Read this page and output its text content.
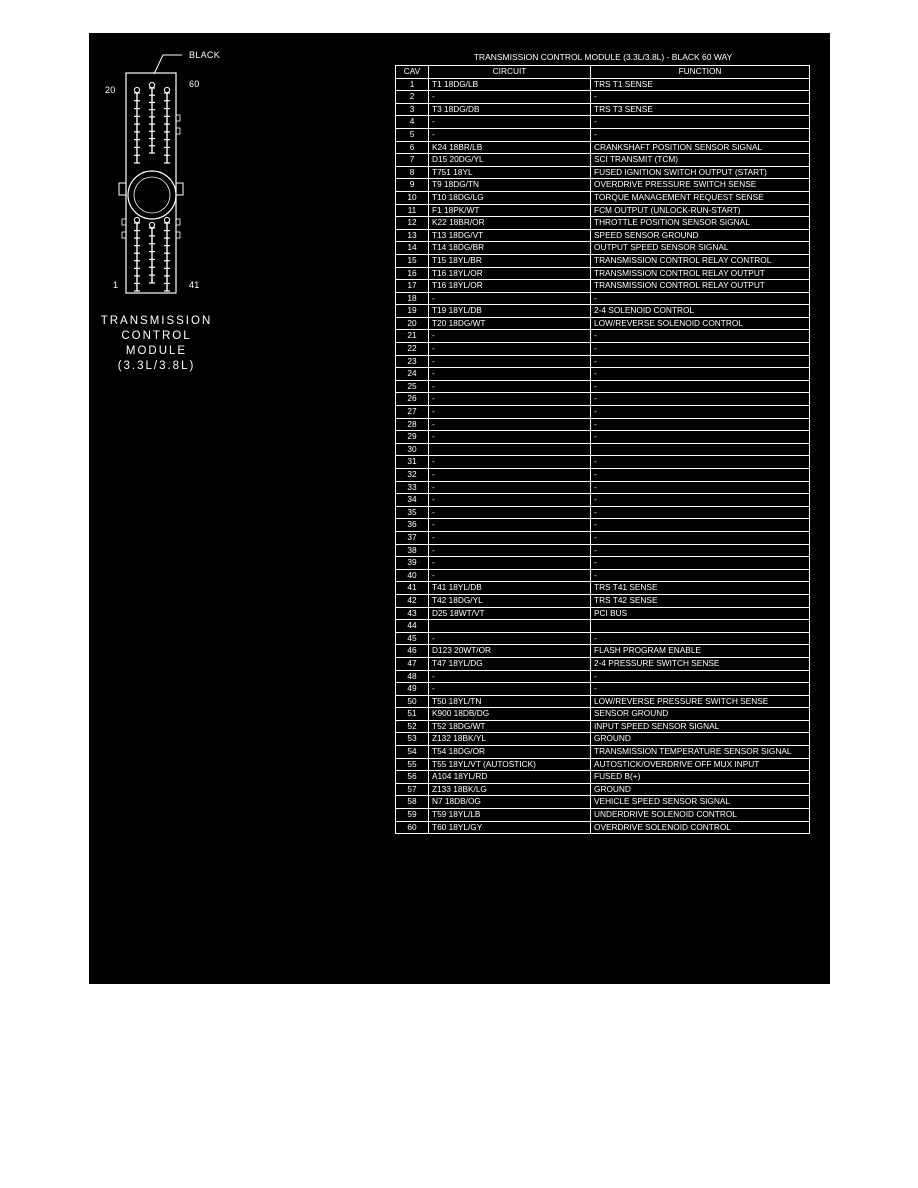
BLACK
20
60
1	41
TRANSMISSION
CONTROL
MODULE
(3.3L/3.8L)
TRANSMISSION CONTROL MODULE (3.3L/3.8L) - BLACK 60 WAY
CAV	CIRCUIT	FUNCTION
1	T1 18DG/LB	TRS T1 SENSE
2	-	-
3	T3 18DG/DB	TRS T3 SENSE
4	-	-
5	-	-
6	K24 18BR/LB	CRANKSHAFT POSITION SENSOR SIGNAL
7	D15 20DG/YL	SCI TRANSMIT (TCM)
8	T751 18YL	FUSED IGNITION SWITCH OUTPUT (START)
9	T9 18DG/TN	OVERDRIVE PRESSURE SWITCH SENSE
10	T10 18DG/LG	TORQUE MANAGEMENT REQUEST SENSE
11	F1 18PK/WT	FCM OUTPUT (UNLOCK-RUN-START)
12	K22 18BR/OR	THROTTLE POSITION SENSOR SIGNAL
13	T13 18DG/VT	SPEED SENSOR GROUND
14	T14 18DG/BR	OUTPUT SPEED SENSOR SIGNAL
15	T15 18YL/BR	TRANSMISSION CONTROL RELAY CONTROL
16	T16 18YL/OR	TRANSMISSION CONTROL RELAY OUTPUT
17	T16 18YL/OR	TRANSMISSION CONTROL RELAY OUTPUT
18	-	-
19	T19 18YL/DB	2-4 SOLENOID CONTROL
20	T20 18DG/WT	LOW/REVERSE SOLENOID CONTROL
21	-	-
22	-	-
23	-	-
24	-	-
25	-	-
26	-	-
27	-	-
28	-	-
29	-	-
30		
31	-	-
32	-	-
33	-	-
34	-	-
35	-	-
36	-	-
37	-	-
38	-	-
39	-	-
40	-	-
41	T41 18YL/DB	TRS T41 SENSE
42	T42 18DG/YL	TRS T42 SENSE
43	D25 18WT/VT	PCI BUS
44		
45	-	-
46	D123 20WT/OR	FLASH PROGRAM ENABLE
47	T47 18YL/DG	2-4 PRESSURE SWITCH SENSE
48	-	-
49	-	-
50	T50 18YL/TN	LOW/REVERSE PRESSURE SWITCH SENSE
51	K900 18DB/DG	SENSOR GROUND
52	T52 18DG/WT	INPUT SPEED SENSOR SIGNAL
53	Z132 18BK/YL	GROUND
54	T54 18DG/OR	TRANSMISSION TEMPERATURE SENSOR SIGNAL
55	T55 18YL/VT (AUTOSTICK)	AUTOSTICK/OVERDRIVE OFF MUX INPUT
56	A104 18YL/RD	FUSED B(+)
57	Z133 18BK/LG	GROUND
58	N7 18DB/OG	VEHICLE SPEED SENSOR SIGNAL
59	T59 18YL/LB	UNDERDRIVE SOLENOID CONTROL
60	T60 18YL/GY	OVERDRIVE SOLENOID CONTROL
